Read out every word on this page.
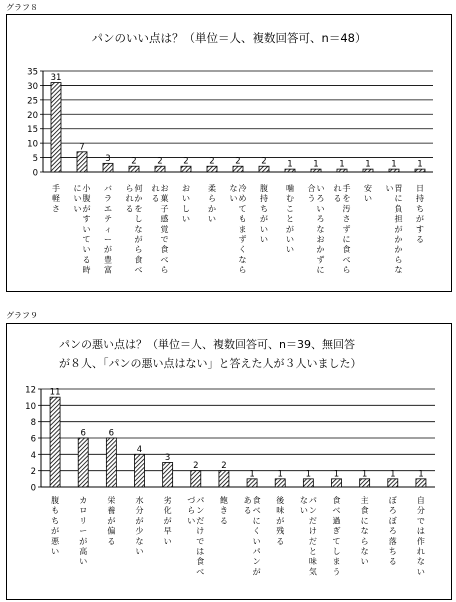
グラフ８
パンのいい点は？（単位＝人、複数回答可、n＝48）
0
5
10
15
20
25
30
35
31
手軽さ
7
小腹がすいている時にいい
3
バラエティーが豊富
2
何かをしながら食べられる
2
お菓子感覚で食べられる
2
おいしい
2
柔らかい
2
冷めてもまずくならない
2
腹持ちがいい
1
噛むことがいい
1
いろいろなおかずに合う
1
手を汚さずに食べられる
1
安い
1
胃に負担がかからない
1
日持ちがする
グラフ９
パンの悪い点は？（単位＝人、複数回答可、n＝39、無回答
が８人、「パンの悪い点はない」と答えた人が３人いました）
0
2
4
6
8
10
12 11
腹もちが悪い
6
カロリーが高い
6
栄養が偏る
4
水分が少ない
3
劣化が早い
2
パンだけでは食べづらい
2
飽きる
1
食べにくいパンがある
1
後味が残る
1
パンだけだと味気ない
1
食べ過ぎてしまう
1
主食にならない
1
ぼろぼろ落ちる
1
自分では作れない
